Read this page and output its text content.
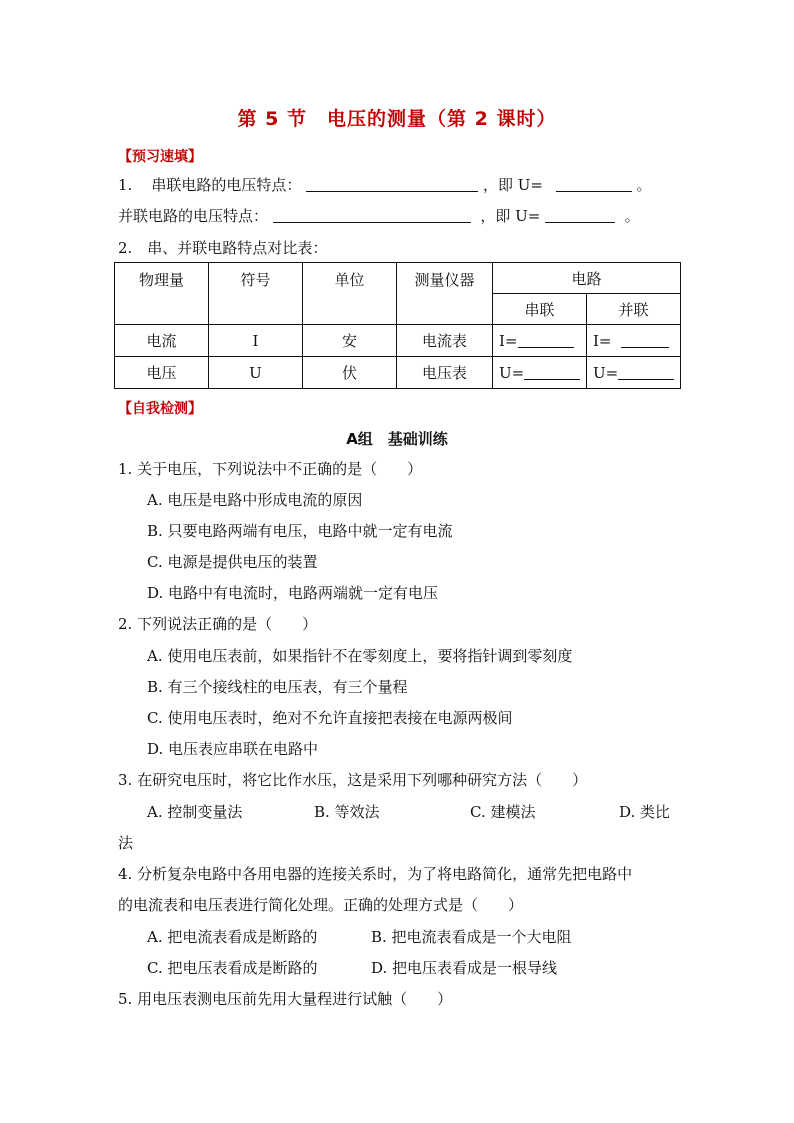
第 5 节　电压的测量（第 2 课时）
【预习速填】
1. 串联电路的电压特点：	，即 U=	。
并联电路的电压特点：	，即 U=	。
2.　串、并联电路特点对比表：
物理量	符号	单位	测量仪器	电路	
				串联	并联
电流	I	安	电流表	I=	I=
电压	U	伏	电压表	U=	U=
【自我检测】
A组　基础训练
1. 关于电压，下列说法中不正确的是（　　）
A. 电压是电路中形成电流的原因
B. 只要电路两端有电压，电路中就一定有电流
C. 电源是提供电压的装置
D. 电路中有电流时，电路两端就一定有电压
2. 下列说法正确的是（　　）
A. 使用电压表前，如果指针不在零刻度上，要将指针调到零刻度
B. 有三个接线柱的电压表，有三个量程
C. 使用电压表时，绝对不允许直接把表接在电源两极间
D. 电压表应串联在电路中
3. 在研究电压时，将它比作水压，这是采用下列哪种研究方法（　　）
A. 控制变量法	B. 等效法	C. 建模法	D. 类比
法
4. 分析复杂电路中各用电器的连接关系时，为了将电路简化，通常先把电路中
的电流表和电压表进行简化处理。正确的处理方式是（　　）
A. 把电流表看成是断路的	B. 把电流表看成是一个大电阻
C. 把电压表看成是断路的	D. 把电压表看成是一根导线
5. 用电压表测电压前先用大量程进行试触（　　）
